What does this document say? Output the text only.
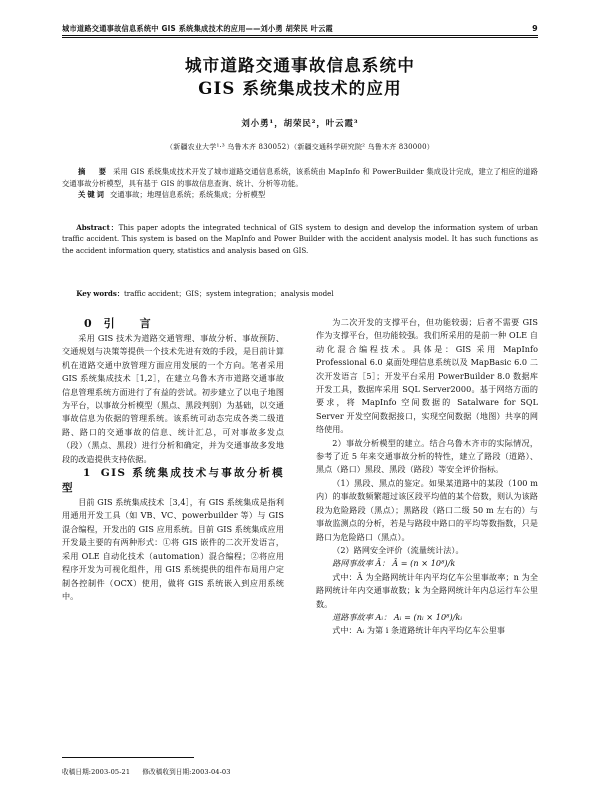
城市道路交通事故信息系统中 GIS 系统集成技术的应用——刘小勇 胡荣民 叶云霞	9
城市道路交通事故信息系统中
GIS 系统集成技术的应用
刘小勇¹，胡荣民²，叶云霞³
（新疆农业大学¹·³ 乌鲁木齐 830052）（新疆交通科学研究院² 乌鲁木齐 830000）

摘　要 采用 GIS 系统集成技术开发了城市道路交通信息系统，该系统由 MapInfo 和 PowerBuilder 集成设计完成，建立了相应的道路交通事故分析模型，具有基于 GIS 的事故信息查询、统计、分析等功能。

关键词 交通事故；地理信息系统；系统集成；分析模型

Abstract：This paper adopts the integrated technical of GIS system to design and develop the information system of urban traffic accident. This system is based on the MapInfo and Power Builder with the accident analysis model. It has such functions as the accident information query, statistics and analysis based on GIS.

Key words：traffic accident；GIS；system integration；analysis model

0 引　言

采用 GIS 技术为道路交通管理、事故分析、事故预防、交通规划与决策等提供一个技术先进有效的手段，是目前计算机在道路交通中放管理方面应用发展的一个方向。笔者采用 GIS 系统集成技术［1,2］，在建立乌鲁木齐市道路交通事故信息管理系统方面进行了有益的尝试。初步建立了以电子地图为平台，以事故分析模型（黑点、黑段判别）为基础，以交通事故信息为依据的管理系统。该系统可动态完成各类二级道路、路口的交通事故的信息、统计汇总，可对事故多发点（段）（黑点、黑段）进行分析和确定，并为交通事故多发地段的改造提供支持依据。

1 GIS 系统集成技术与事故分析模型

目前 GIS 系统集成技术［3,4］，有 GIS 系统集成是指利用通用开发工具（如 VB、VC、powerbuilder 等）与 GIS 混合编程，开发出的 GIS 应用系统。目前 GIS 系统集成应用开发最主要的有两种形式：①将 GIS 嵌件的二次开发语言，采用 OLE 自动化技术（automation）混合编程；②将应用程序开发为可视化组件，用 GIS 系统提供的组件布局用户定制各控制件（OCX）使用，做将 GIS 系统嵌入到应用系统中。

为二次开发的支撑平台，但功能较弱；后者不需要 GIS 作为支撑平台，但功能较强。我们所采用的是前一种 OLE 自动化混合编程技术。具体是：GIS 采用 MapInfo Professional 6.0 桌面处理信息系统以及 MapBasic 6.0 二次开发语言［5］；开发平台采用 PowerBuilder 8.0 数据库开发工具，数据库采用 SQL Server2000。基于网络方面的要求，将 MapInfo 空间数据的 Satalware for SQL Server 开发空间数据接口，实现空间数据（地图）共享的网络使用。

2）事故分析模型的建立。结合乌鲁木齐市的实际情况，参考了近 5 年来交通事故分析的特性，建立了路段（道路）、黑点（路口）黑段、黑段（路段）等安全评价指标。

（1）黑段、黑点的鉴定。如果某道路中的某段（100 m 内）的事故数频繁超过该区段平均值的某个倍数，则认为该路段为危险路段（黑点）；黑路段（路口二级 50 m 左右的）与事故监测点的分析，若是与路段中路口的平均等数指数，只是路口为危险路口（黑点）。

（2）路网安全评价（流量统计法）。

路网事故率 Ā： Ā = (n × 10⁸)/k

式中：Ā 为全路网统计年内平均亿车公里事故率；n 为全路网统计年内交通事故数；k 为全路网统计年内总运行车公里数。

道路事故率 Aᵢ： Aᵢ = (nᵢ × 10⁸)/kᵢ

式中：Aᵢ 为第 i 条道路统计年内平均亿车公里事

收稿日期:2003-05-21 修改稿收到日期:2003-04-03
